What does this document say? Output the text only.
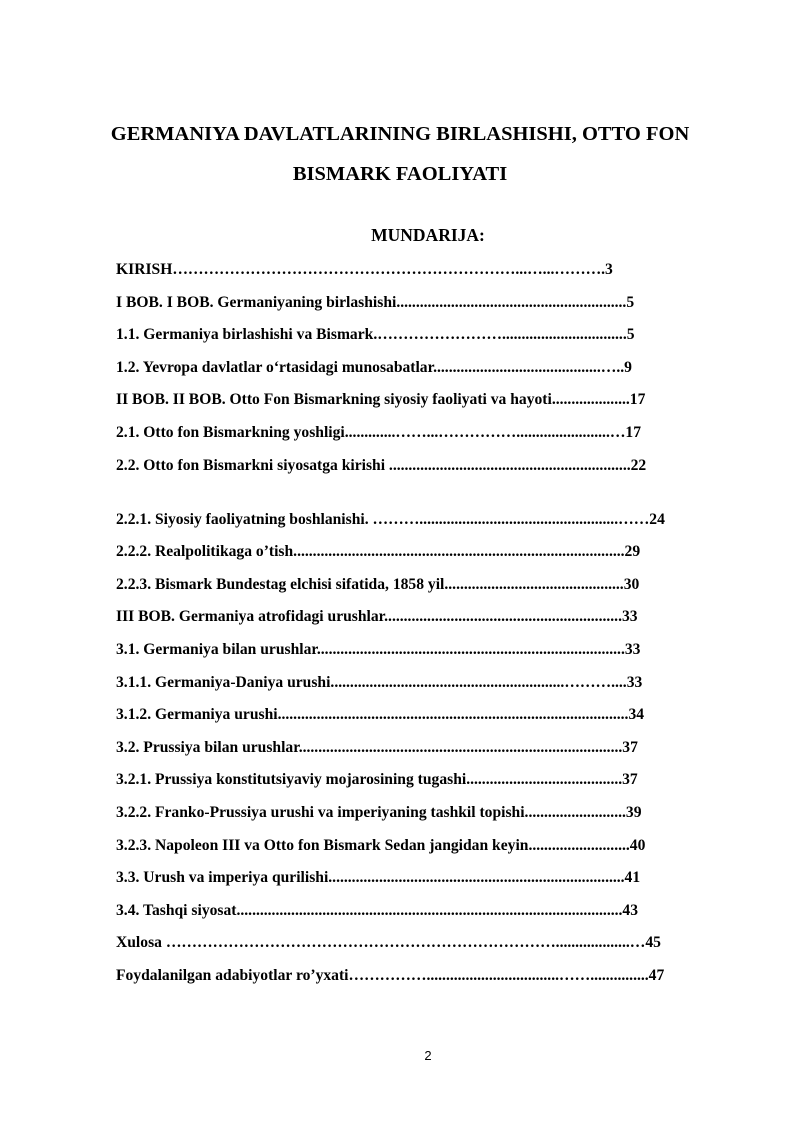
GERMANIYA DAVLATLARINING BIRLASHISHI, OTTO FON
BISMARK FAOLIYATI
MUNDARIJA:
KIRISH…………………………………………………………...…...……….3
I BOB. I BOB. Germaniyaning birlashishi...........................................................5
1.1. Germaniya birlashishi va Bismark.……………………................................5
1.2. Yevropa davlatlar o‘rtasidagi munosabatlar...........................................…..9
II BOB. II BOB. Otto Fon Bismarkning siyosiy faoliyati va hayoti....................17
2.1. Otto fon Bismarkning yoshligi.............……...……………........................…17
2.2. Otto fon Bismarkni siyosatga kirishi ..............................................................22
2.2.1. Siyosiy faoliyatning boshlanishi. ………...................................................……24
2.2.2. Realpolitikaga o’tish.....................................................................................29
2.2.3. Bismark Bundestag elchisi sifatida, 1858 yil..............................................30
III BOB. Germaniya atrofidagi urushlar.............................................................33
3.1. Germaniya bilan urushlar...............................................................................33
3.1.1. Germaniya-Daniya urushi............................................................………....33
3.1.2. Germaniya urushi..........................................................................................34
3.2. Prussiya bilan urushlar...................................................................................37
3.2.1. Prussiya konstitutsiyaviy mojarosining tugashi........................................37
3.2.2. Franko-Prussiya urushi va imperiyaning tashkil topishi..........................39
3.2.3. Napoleon III va Otto fon Bismark Sedan jangidan keyin..........................40
3.3. Urush va imperiya qurilishi............................................................................41
3.4. Tashqi siyosat...................................................................................................43
Xulosa …………………………………………………………………...................…45
Foydalanilgan adabiyotlar ro’yxati……………..................................……...............47
2
